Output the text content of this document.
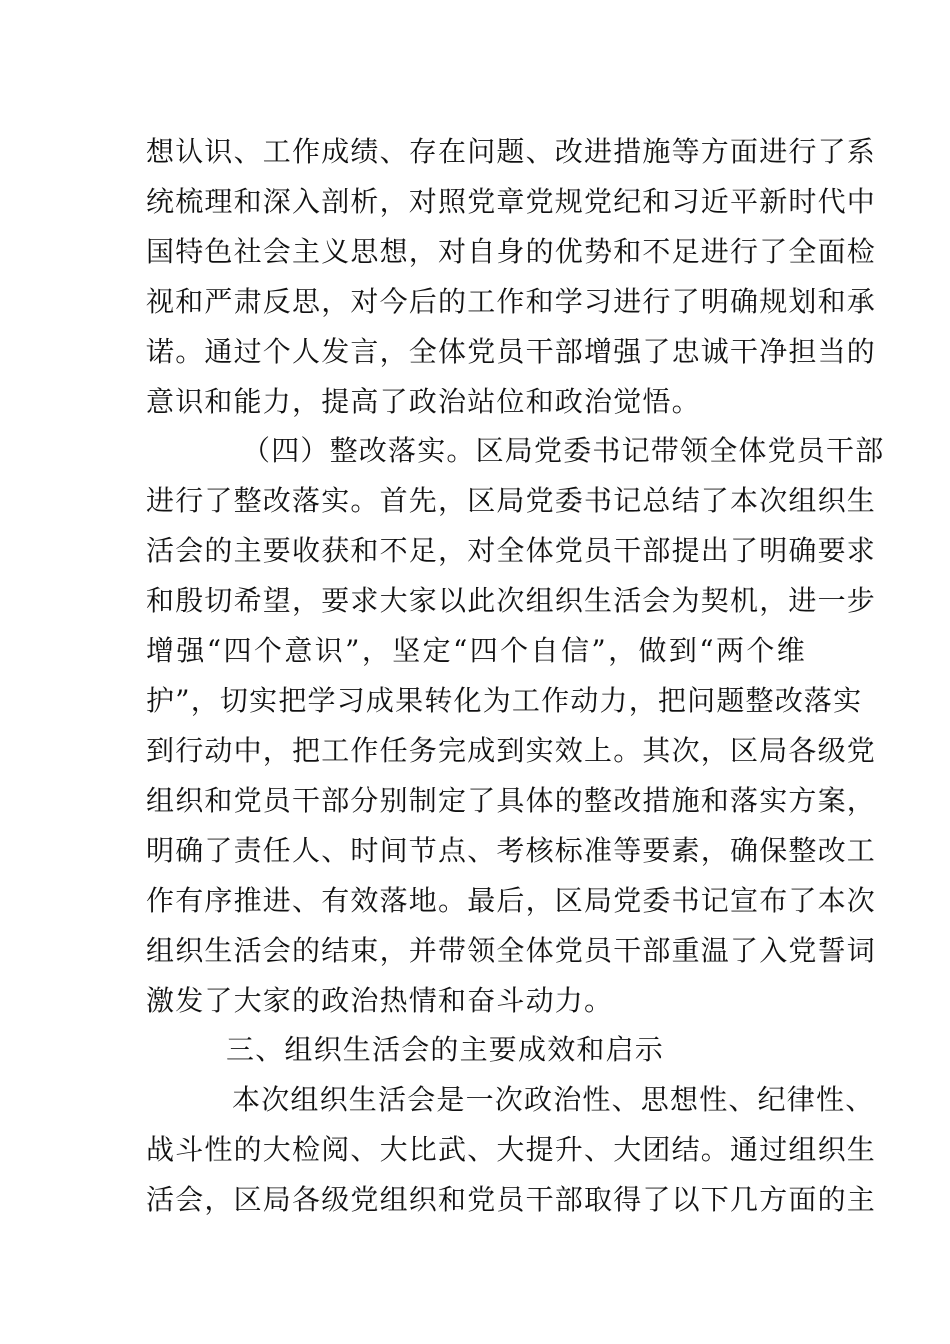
想认识、工作成绩、存在问题、改进措施等方面进行了系
统梳理和深入剖析，对照党章党规党纪和习近平新时代中
国特色社会主义思想，对自身的优势和不足进行了全面检
视和严肃反思，对今后的工作和学习进行了明确规划和承
诺。通过个人发言，全体党员干部增强了忠诚干净担当的
意识和能力，提高了政治站位和政治觉悟。
（四）整改落实。区局党委书记带领全体党员干部
进行了整改落实。首先，区局党委书记总结了本次组织生
活会的主要收获和不足，对全体党员干部提出了明确要求
和殷切希望，要求大家以此次组织生活会为契机，进一步
增强“四个意识”，坚定“四个自信”，做到“两个维
护”，切实把学习成果转化为工作动力，把问题整改落实
到行动中，把工作任务完成到实效上。其次，区局各级党
组织和党员干部分别制定了具体的整改措施和落实方案，
明确了责任人、时间节点、考核标准等要素，确保整改工
作有序推进、有效落地。最后，区局党委书记宣布了本次
组织生活会的结束，并带领全体党员干部重温了入党誓词
激发了大家的政治热情和奋斗动力。
三、组织生活会的主要成效和启示
本次组织生活会是一次政治性、思想性、纪律性、
战斗性的大检阅、大比武、大提升、大团结。通过组织生
活会，区局各级党组织和党员干部取得了以下几方面的主
